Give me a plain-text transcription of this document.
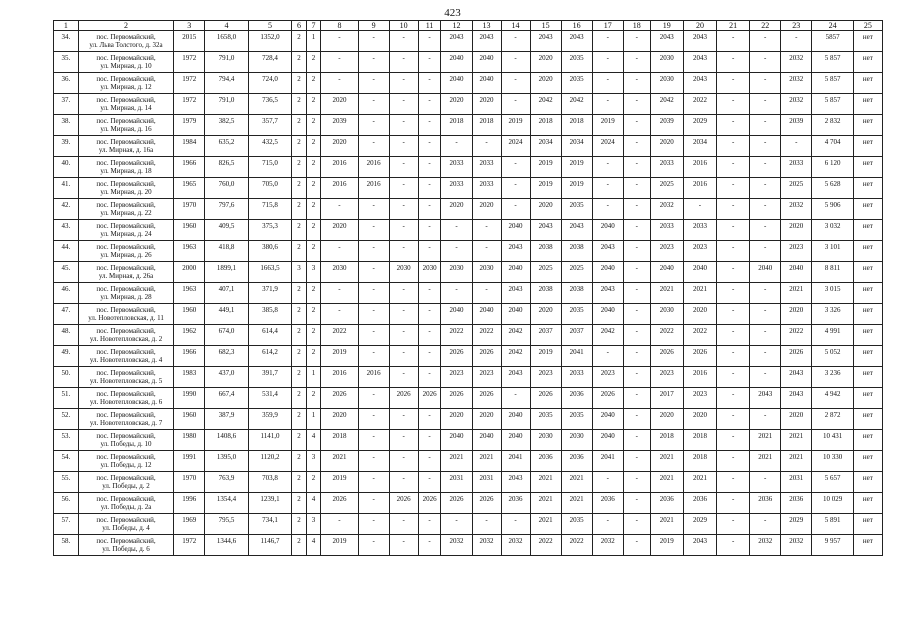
423
1	2	3	4	5	6	7	8	9	10	11	12	13	14	15	16	17	18	19	20	21	22	23	24	25
34.	пос. Первомайский,
ул. Льва Толстого, д. 32а	2015	1658,0	1352,0	2	1	-	-	-	-	2043	2043	-	2043	2043	-	-	2043	2043	-	-	-	5857	нет
35.	пос. Первомайский,
ул. Мирная, д. 10	1972	791,0	728,4	2	2	-	-	-	-	2040	2040	-	2020	2035	-	-	2030	2043	-	-	2032	5 857	нет
36.	пос. Первомайский,
ул. Мирная, д. 12	1972	794,4	724,0	2	2	-	-	-	-	2040	2040	-	2020	2035	-	-	2030	2043	-	-	2032	5 857	нет
37.	пос. Первомайский,
ул. Мирная, д. 14	1972	791,0	736,5	2	2	2020	-	-	-	2020	2020	-	2042	2042	-	-	2042	2022	-	-	2032	5 857	нет
38.	пос. Первомайский,
ул. Мирная, д. 16	1979	382,5	357,7	2	2	2039	-	-	-	2018	2018	2019	2018	2018	2019	-	2039	2029	-	-	2039	2 832	нет
39.	пос. Первомайский,
ул. Мирная, д. 16а	1984	635,2	432,5	2	2	2020	-	-	-	-	-	2024	2034	2034	2024	-	2020	2034	-	-	-	4 704	нет
40.	пос. Первомайский,
ул. Мирная, д. 18	1966	826,5	715,0	2	2	2016	2016	-	-	2033	2033	-	2019	2019	-	-	2033	2016	-	-	2033	6 120	нет
41.	пос. Первомайский,
ул. Мирная, д. 20	1965	760,0	705,0	2	2	2016	2016	-	-	2033	2033	-	2019	2019	-	-	2025	2016	-	-	2025	5 628	нет
42.	пос. Первомайский,
ул. Мирная, д. 22	1970	797,6	715,8	2	2	-	-	-	-	2020	2020	-	2020	2035	-	-	2032	-	-	-	2032	5 906	нет
43.	пос. Первомайский,
ул. Мирная, д. 24	1960	409,5	375,3	2	2	2020	-	-	-	-	-	2040	2043	2043	2040	-	2033	2033	-	-	2020	3 032	нет
44.	пос. Первомайский,
ул. Мирная, д. 26	1963	418,8	380,6	2	2	-	-	-	-	-	-	2043	2038	2038	2043	-	2023	2023	-	-	2023	3 101	нет
45.	пос. Первомайский,
ул. Мирная, д. 26а	2000	1899,1	1663,5	3	3	2030	-	2030	2030	2030	2030	2040	2025	2025	2040	-	2040	2040	-	2040	2040	8 811	нет
46.	пос. Первомайский,
ул. Мирная, д. 28	1963	407,1	371,9	2	2	-	-	-	-	-	-	2043	2038	2038	2043	-	2021	2021	-	-	2021	3 015	нет
47.	пос. Первомайский,
ул. Новотепловская, д. 11	1960	449,1	385,8	2	2	-	-	-	-	2040	2040	2040	2020	2035	2040	-	2030	2020	-	-	2020	3 326	нет
48.	пос. Первомайский,
ул. Новотепловская, д. 2	1962	674,0	614,4	2	2	2022	-	-	-	2022	2022	2042	2037	2037	2042	-	2022	2022	-	-	2022	4 991	нет
49.	пос. Первомайский,
ул. Новотепловская, д. 4	1966	682,3	614,2	2	2	2019	-	-	-	2026	2026	2042	2019	2041	-	-	2026	2026	-	-	2026	5 052	нет
50.	пос. Первомайский,
ул. Новотепловская, д. 5	1983	437,0	391,7	2	1	2016	2016	-	-	2023	2023	2043	2023	2033	2023	-	2023	2016	-	-	2043	3 236	нет
51.	пос. Первомайский,
ул. Новотепловская, д. 6	1990	667,4	531,4	2	2	2026	-	2026	2026	2026	2026	-	2026	2036	2026	-	2017	2023	-	2043	2043	4 942	нет
52.	пос. Первомайский,
ул. Новотепловская, д. 7	1960	387,9	359,9	2	1	2020	-	-	-	2020	2020	2040	2035	2035	2040	-	2020	2020	-	-	2020	2 872	нет
53.	пос. Первомайский,
ул. Победы, д. 10	1980	1408,6	1141,0	2	4	2018	-	-	-	2040	2040	2040	2030	2030	2040	-	2018	2018	-	2021	2021	10 431	нет
54.	пос. Первомайский,
ул. Победы, д. 12	1991	1395,0	1120,2	2	3	2021	-	-	-	2021	2021	2041	2036	2036	2041	-	2021	2018	-	2021	2021	10 330	нет
55.	пос. Первомайский,
ул. Победы, д. 2	1970	763,9	703,8	2	2	2019	-	-	-	2031	2031	2043	2021	2021	-	-	2021	2021	-	-	2031	5 657	нет
56.	пос. Первомайский,
ул. Победы, д. 2а	1996	1354,4	1239,1	2	4	2026	-	2026	2026	2026	2026	2036	2021	2021	2036	-	2036	2036	-	2036	2036	10 029	нет
57.	пос. Первомайский,
ул. Победы, д. 4	1969	795,5	734,1	2	3	-	-	-	-	-	-	-	2021	2035	-	-	2021	2029	-	-	2029	5 891	нет
58.	пос. Первомайский,
ул. Победы, д. 6	1972	1344,6	1146,7	2	4	2019	-	-	-	2032	2032	2032	2022	2022	2032	-	2019	2043	-	2032	2032	9 957	нет
